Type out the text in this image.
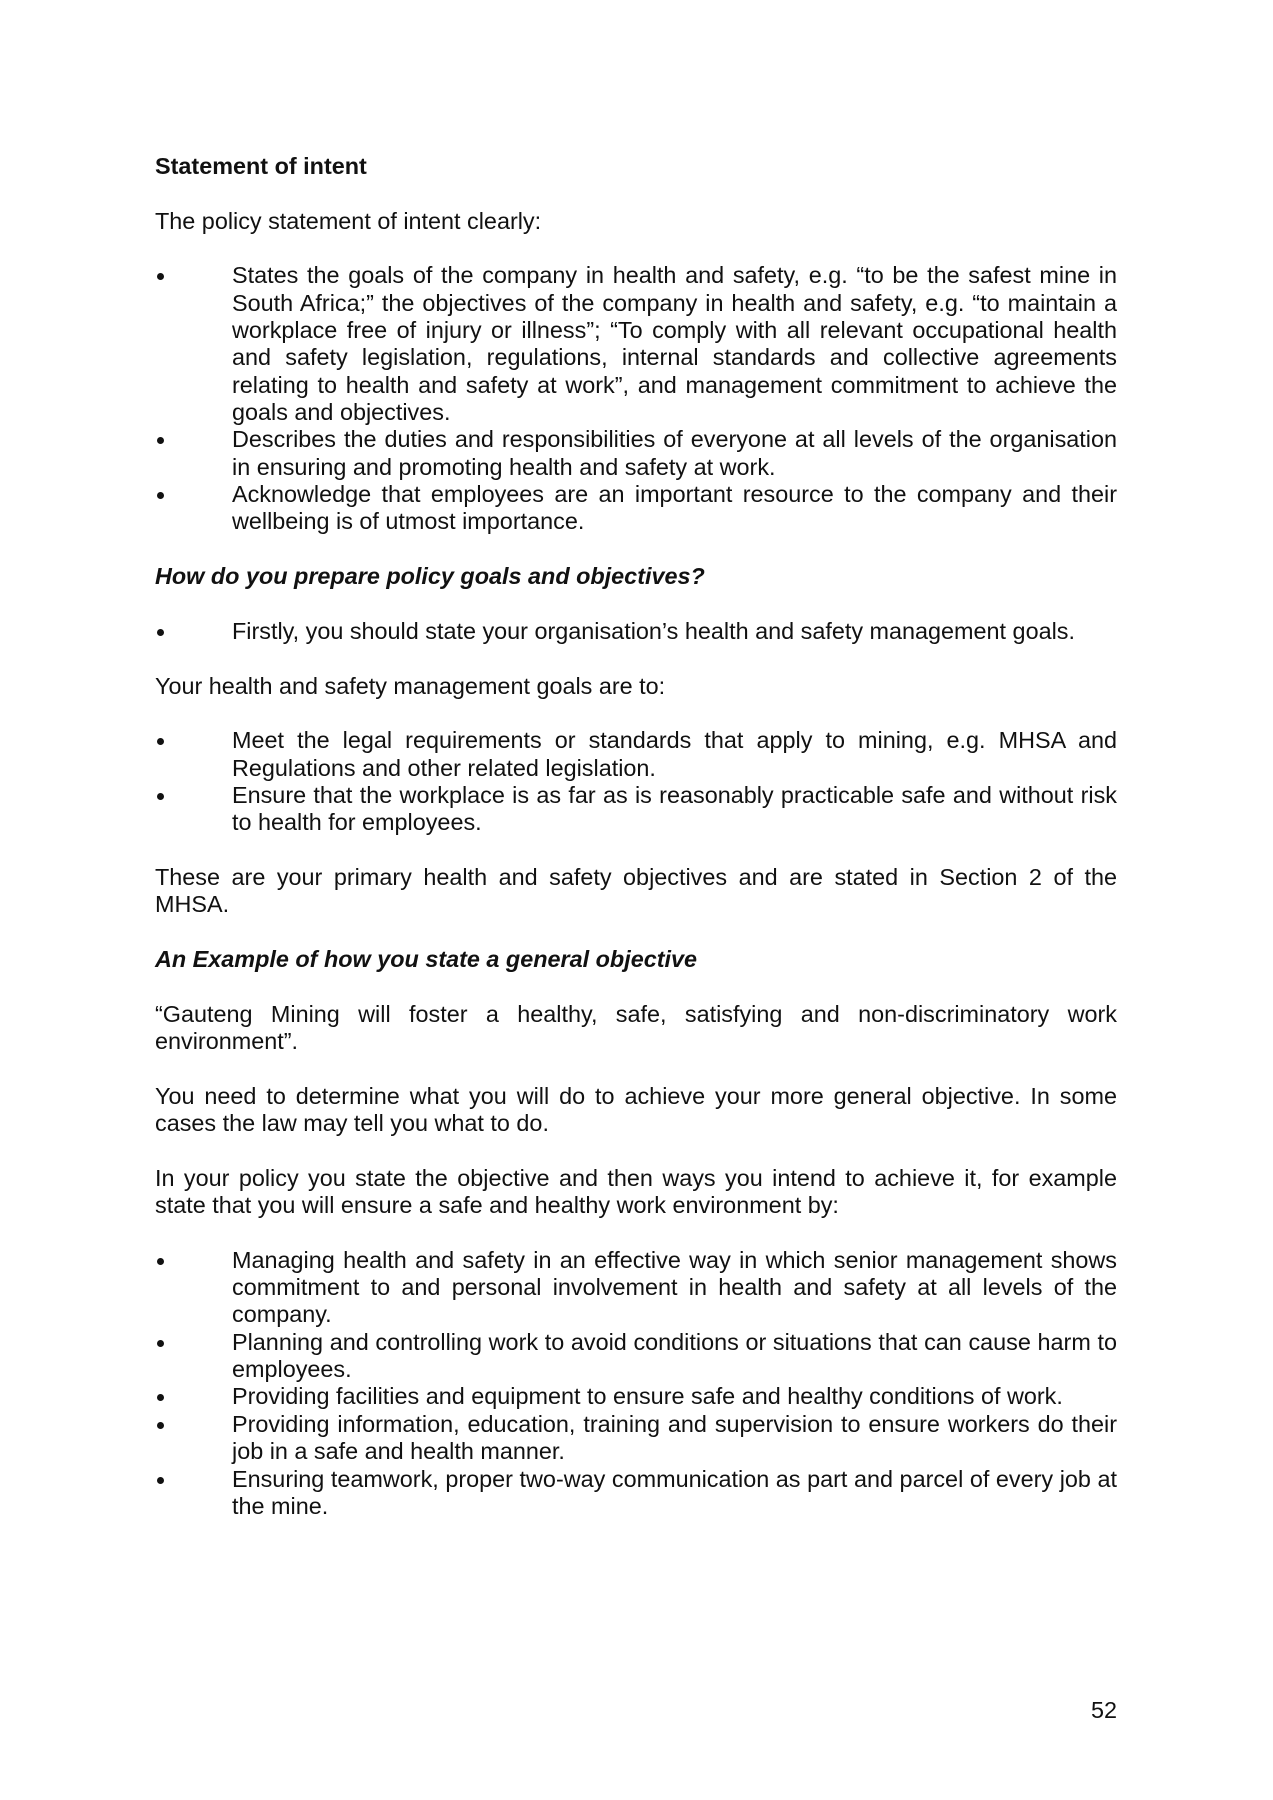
Statement of intent

The policy statement of intent clearly:

States the goals of the company in health and safety, e.g. “to be the safest mine in South Africa;” the objectives of the company in health and safety, e.g. “to maintain a workplace free of injury or illness”; “To comply with all relevant occupational health and safety legislation, regulations, internal standards and collective agreements relating to health and safety at work”, and management commitment to achieve the goals and objectives.
Describes the duties and responsibilities of everyone at all levels of the organisation in ensuring and promoting health and safety at work.
Acknowledge that employees are an important resource to the company and their wellbeing is of utmost importance.

How do you prepare policy goals and objectives?

Firstly, you should state your organisation’s health and safety management goals.

Your health and safety management goals are to:

Meet the legal requirements or standards that apply to mining, e.g. MHSA and Regulations and other related legislation.
Ensure that the workplace is as far as is reasonably practicable safe and without risk to health for employees.

These are your primary health and safety objectives and are stated in Section 2 of the MHSA.

An Example of how you state a general objective

“Gauteng Mining will foster a healthy, safe, satisfying and non-discriminatory work environment”.

You need to determine what you will do to achieve your more general objective. In some cases the law may tell you what to do.

In your policy you state the objective and then ways you intend to achieve it, for example state that you will ensure a safe and healthy work environment by:

Managing health and safety in an effective way in which senior management shows commitment to and personal involvement in health and safety at all levels of the company.
Planning and controlling work to avoid conditions or situations that can cause harm to employees.
Providing facilities and equipment to ensure safe and healthy conditions of work.
Providing information, education, training and supervision to ensure workers do their job in a safe and health manner.
Ensuring teamwork, proper two-way communication as part and parcel of every job at the mine.
52
